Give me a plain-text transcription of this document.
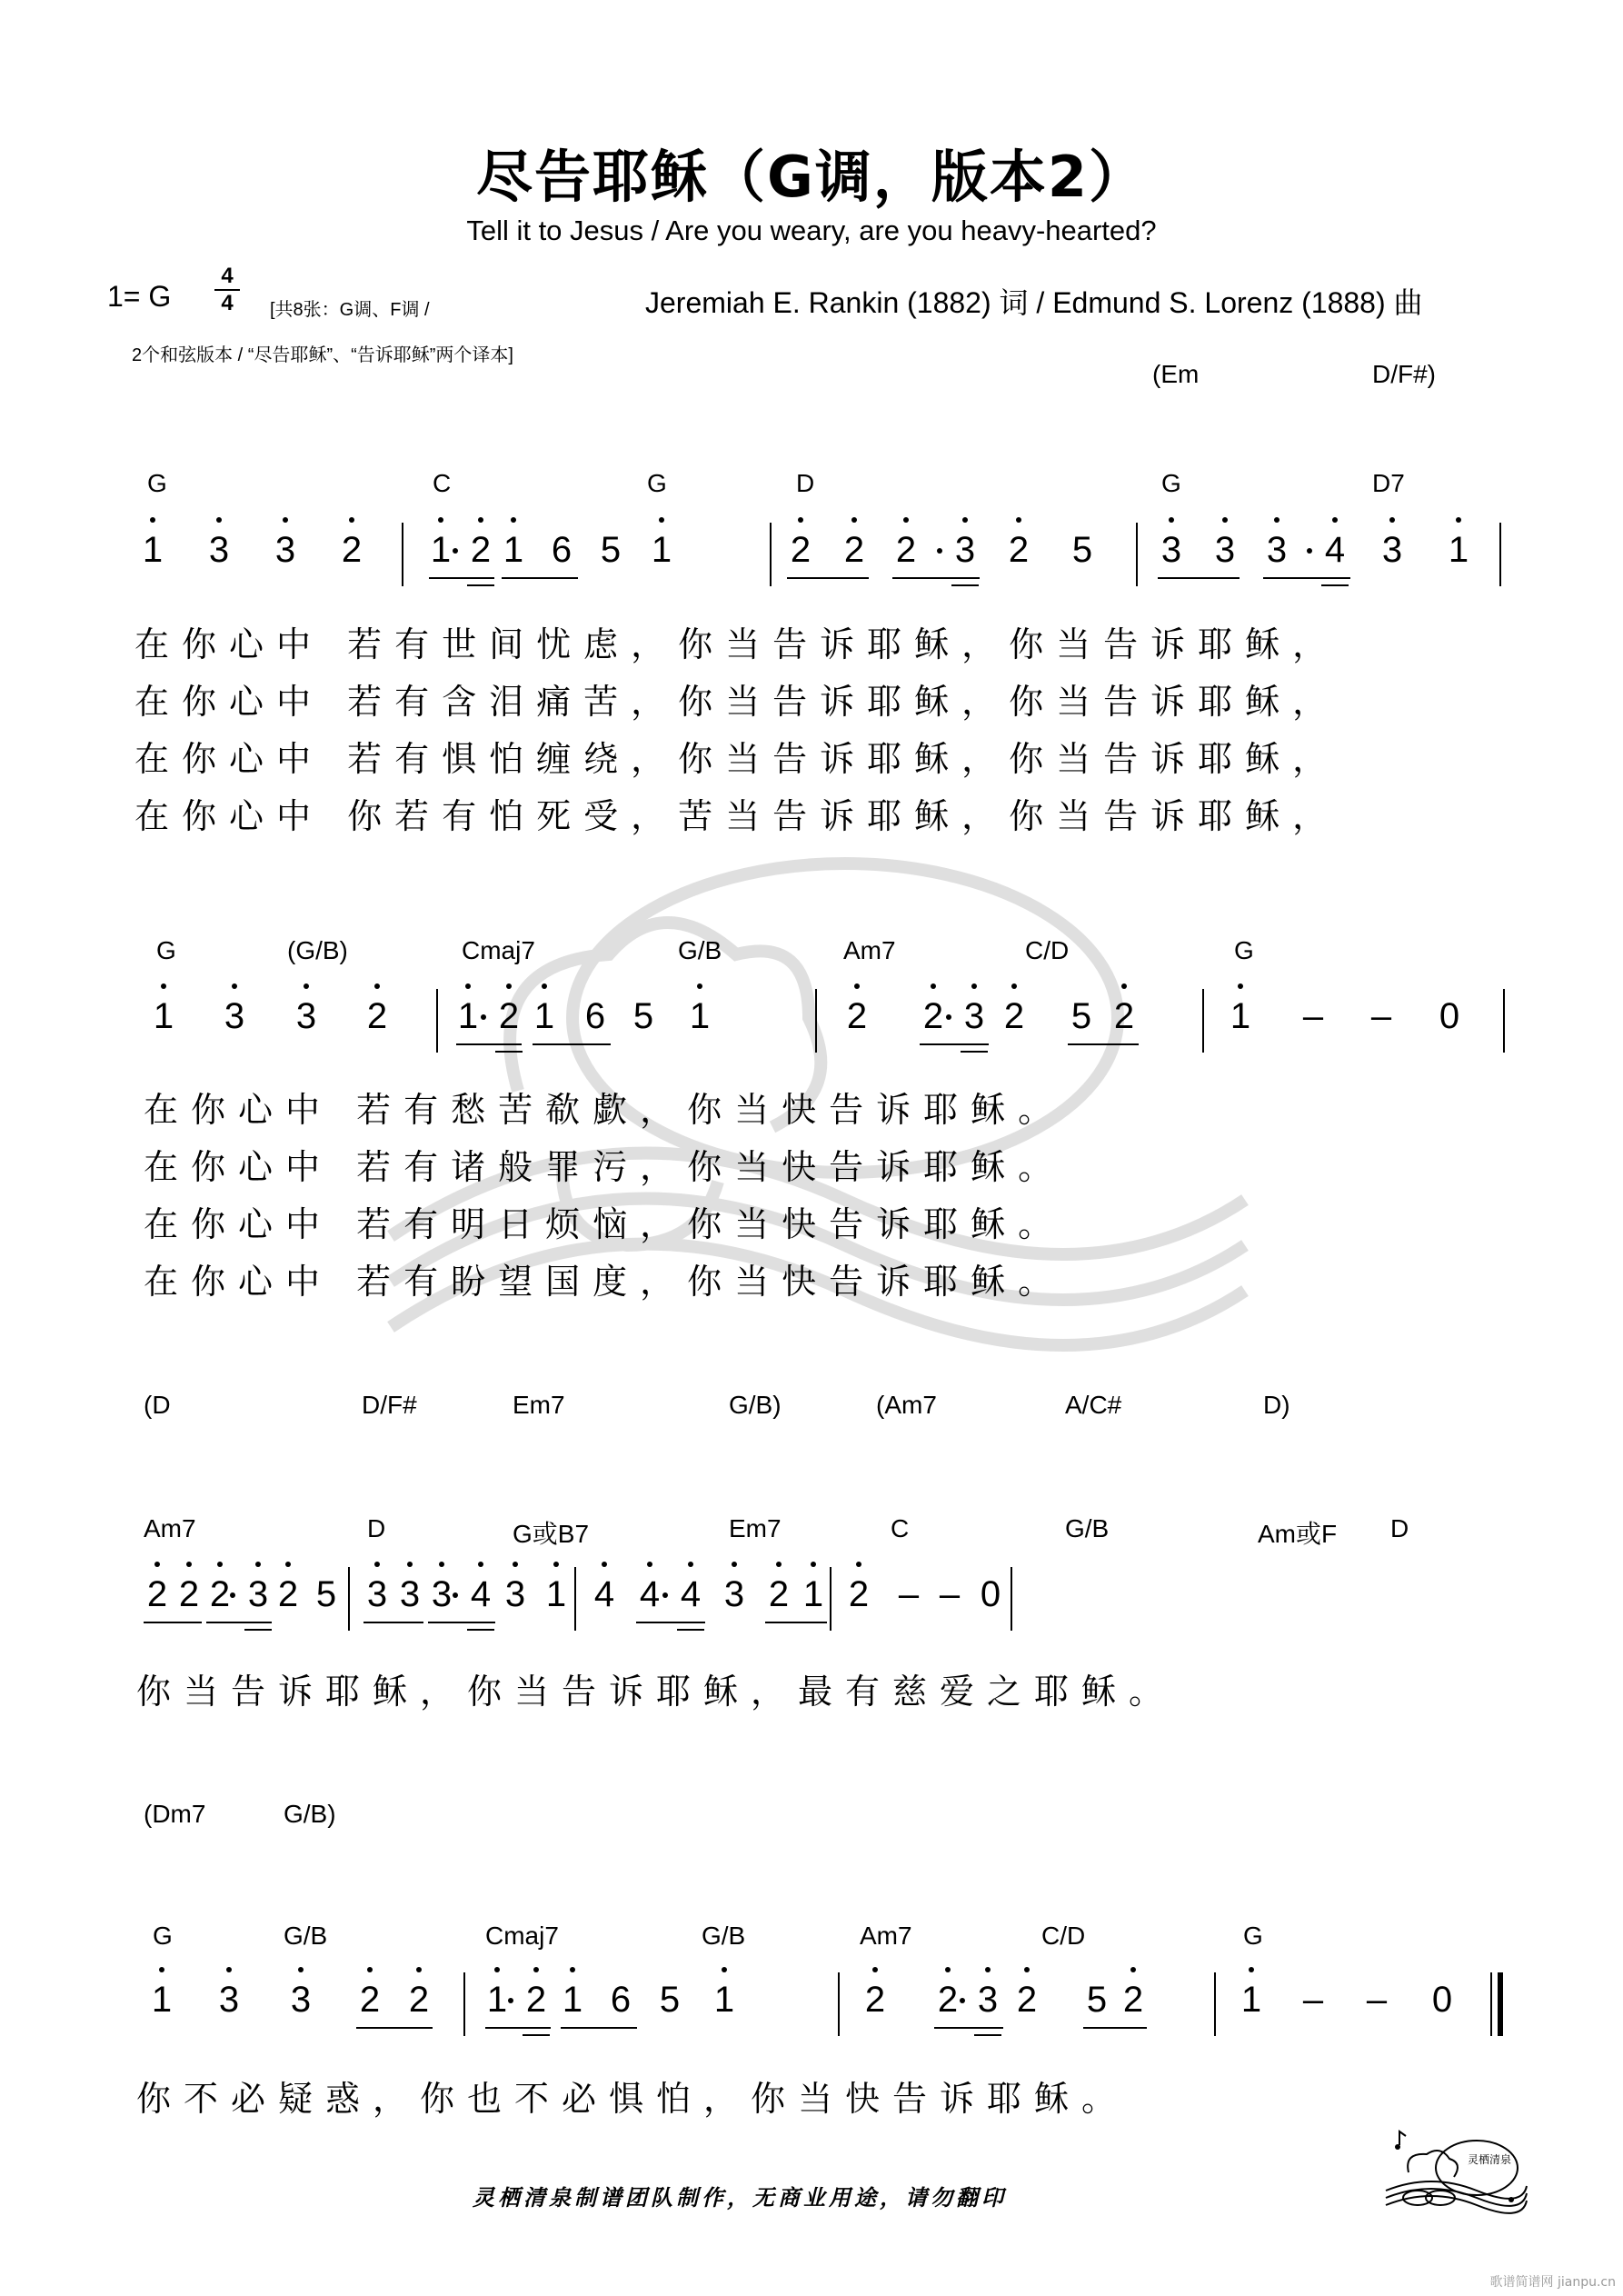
尽告耶稣（G调，版本2）
Tell it to Jesus / Are you weary, are you heavy-hearted?
1= G
4
4	[共8张：G调、F调 /
2个和弦版本 / “尽告耶稣”、“告诉耶稣”两个译本]
Jeremiah E. Rankin (1882) 词 / Edmund S. Lorenz (1888) 曲
(Em	D/F#)
G	C	G	D	G	D7
1 3 3 2 1 2 1 6 5 1	2 2 2 3 2 5 3 3 3 4 3 1
在你心中 若有世间忧虑，你当告诉耶稣，你当告诉耶稣，
在你心中 若有含泪痛苦，你当告诉耶稣，你当告诉耶稣，
在你心中 若有惧怕缠绕，你当告诉耶稣，你当告诉耶稣，
在你心中 你若有怕死受，苦当告诉耶稣，你当告诉耶稣，
G	(G/B)	Cmaj7	G/B	Am7	C/D	G
1 3 3 2 1 2 1 6 5 1	2 2 3 2 5 2	1 – – 0
在你心中 若有愁苦欷歔，你当快告诉耶稣。
在你心中 若有诸般罪污，你当快告诉耶稣。
在你心中 若有明日烦恼，你当快告诉耶稣。
在你心中 若有盼望国度，你当快告诉耶稣。
(D	D/F#	Em7	G/B)	(Am7	A/C#	D)
Am7	D	G或B7	Em7	C	G/B	Am或F D
2 2 2 3 2 5 3 3 3 4 3 1 4 4 4 3 2 1 2 – – 0
你当告诉耶稣，你当告诉耶稣，最有慈爱之耶稣。
(Dm7	G/B)
G	G/B	Cmaj7	G/B	Am7	C/D	G
1 3 3 2 2 1 2 1 6 5 1	2 2 3 2 5 2	1 – – 0
你不必疑惑，你也不必惧怕，你当快告诉耶稣。
灵栖清泉制谱团队制作，无商业用途，请勿翻印
灵栖清泉
歌谱简谱网 jianpu.cn
